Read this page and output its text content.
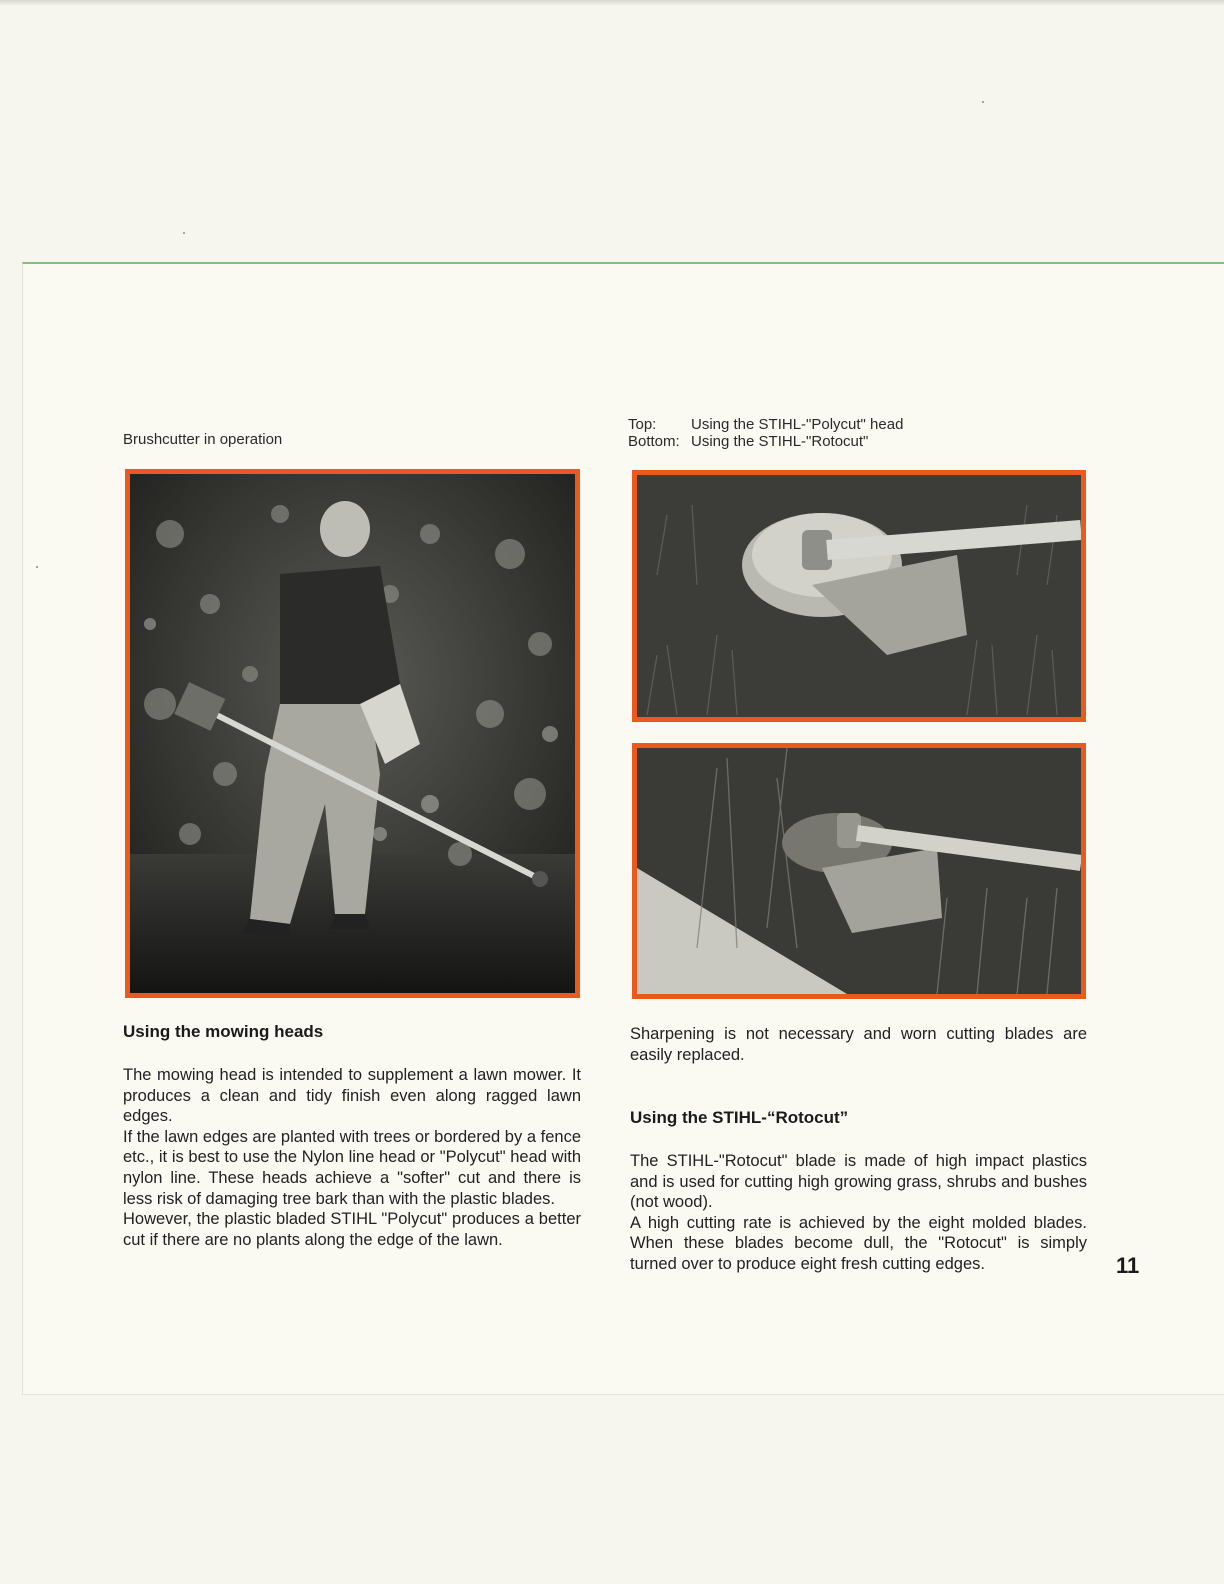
Brushcutter in operation
Top:	Using the STIHL-"Polycut" head
Bottom: Using the STIHL-"Rotocut"
Using the mowing heads

The mowing head is intended to supplement a lawn mower. It produces a clean and tidy finish even along ragged lawn edges.

If the lawn edges are planted with trees or bordered by a fence etc., it is best to use the Nylon line head or "Polycut" head with nylon line. These heads achieve a "softer" cut and there is less risk of damaging tree bark than with the plastic blades.

However, the plastic bladed STIHL "Polycut" produces a better cut if there are no plants along the edge of the lawn.

Sharpening is not necessary and worn cutting blades are easily replaced.

Using the STIHL-“Rotocut”

The STIHL-"Rotocut" blade is made of high impact plastics and is used for cutting high growing grass, shrubs and bushes (not wood).

A high cutting rate is achieved by the eight molded blades. When these blades become dull, the "Rotocut" is simply turned over to produce eight fresh cutting edges.	11
